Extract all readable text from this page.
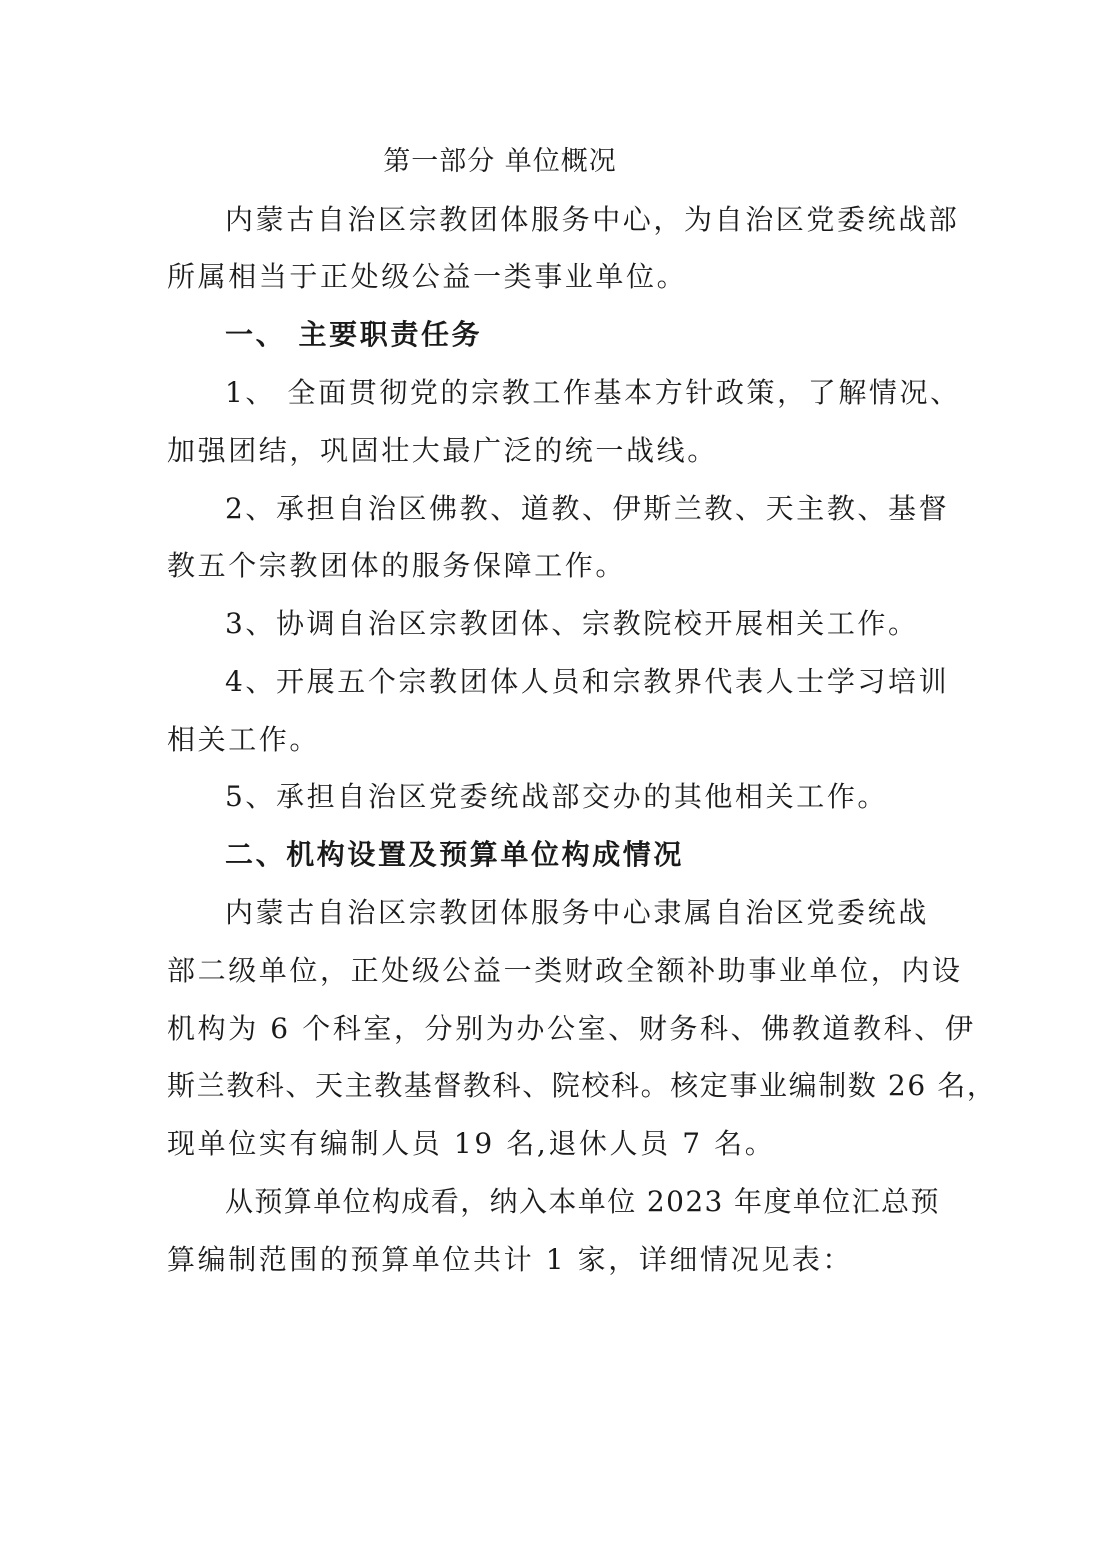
第一部分 单位概况
内蒙古自治区宗教团体服务中心，为自治区党委统战部
所属相当于正处级公益一类事业单位。
一、 主要职责任务
1、 全面贯彻党的宗教工作基本方针政策，了解情况、
加强团结，巩固壮大最广泛的统一战线。
2、承担自治区佛教、道教、伊斯兰教、天主教、基督
教五个宗教团体的服务保障工作。
3、协调自治区宗教团体、宗教院校开展相关工作。
4、开展五个宗教团体人员和宗教界代表人士学习培训
相关工作。
5、承担自治区党委统战部交办的其他相关工作。
二、机构设置及预算单位构成情况
内蒙古自治区宗教团体服务中心隶属自治区党委统战
部二级单位，正处级公益一类财政全额补助事业单位，内设
机构为 6 个科室，分别为办公室、财务科、佛教道教科、伊
斯兰教科、天主教基督教科、院校科。核定事业编制数 26 名，
现单位实有编制人员 19 名,退休人员 7 名。
从预算单位构成看，纳入本单位 2023 年度单位汇总预
算编制范围的预算单位共计 1 家，详细情况见表：
